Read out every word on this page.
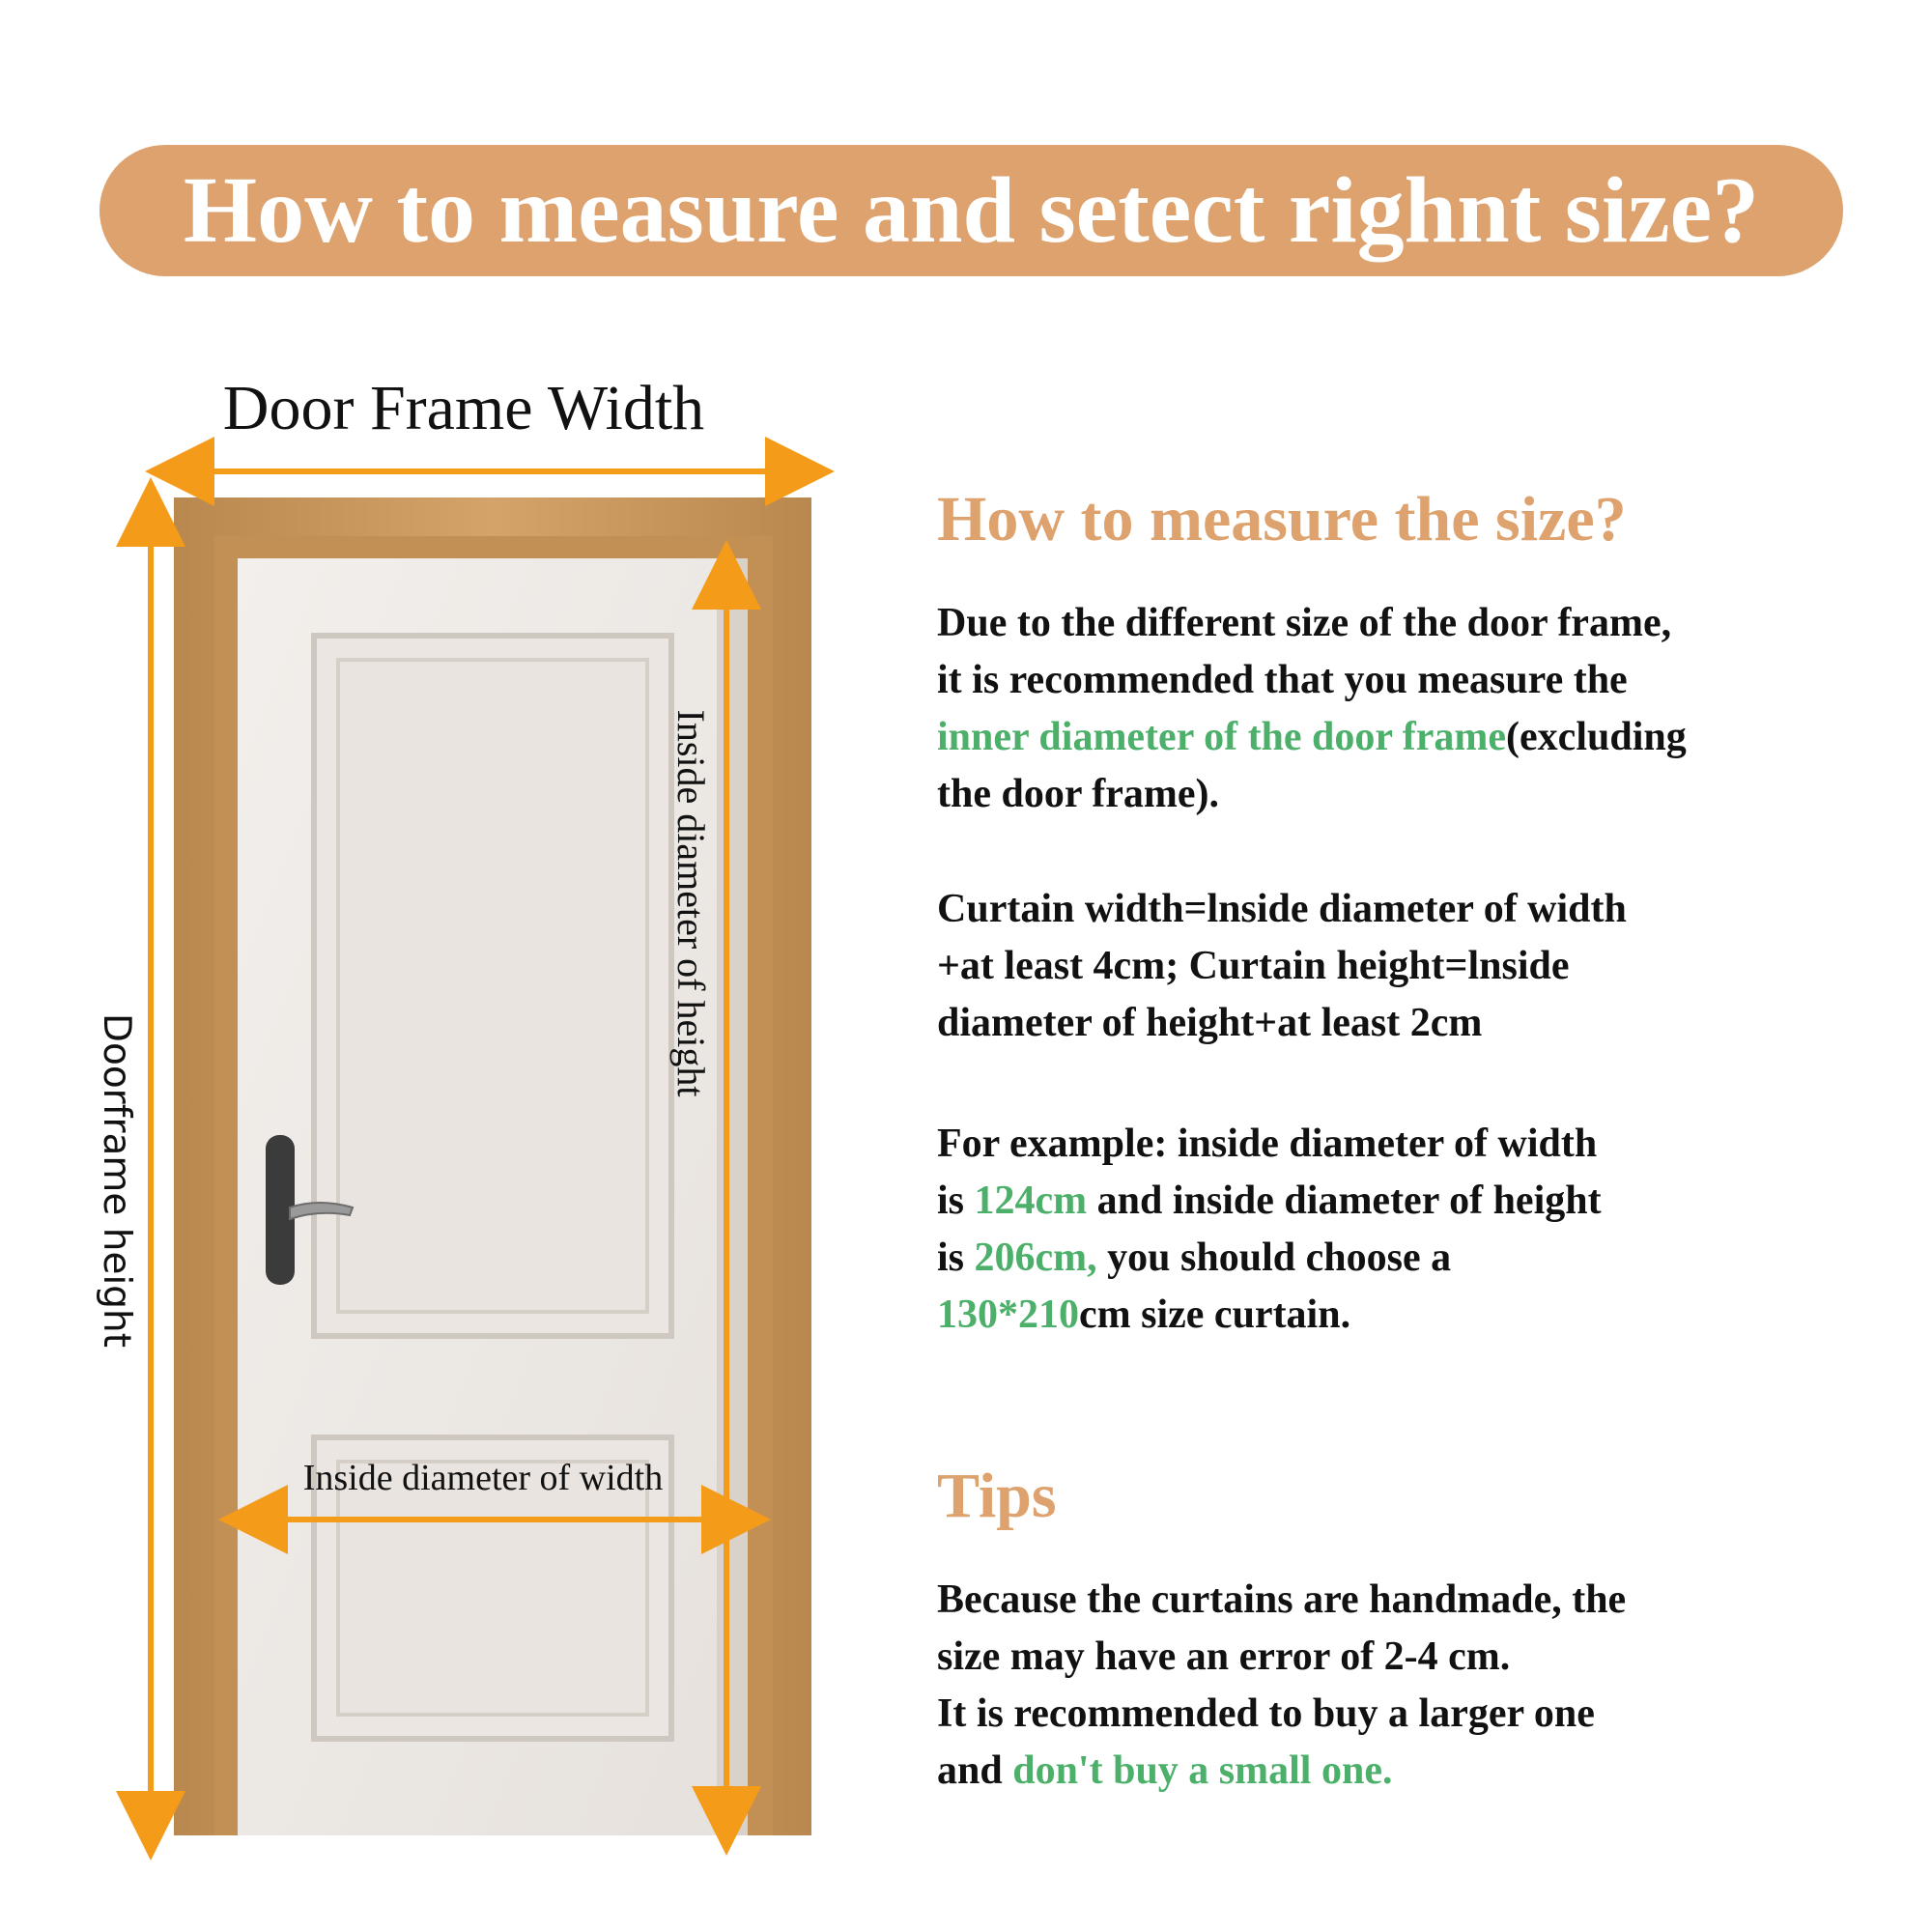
How to measure and setect righnt size?
Door Frame Width
Doorframe height
Inside diameter of height
Inside diameter of width

How to measure the size?

Due to the different size of the door frame,
it is recommended that you measure the
inner diameter of the door frame(excluding
the door frame).

Curtain width=lnside diameter of width
+at least 4cm; Curtain height=lnside
diameter of height+at least 2cm

For example: inside diameter of width
is 124cm and inside diameter of height
is 206cm, you should choose a
130*210cm size curtain.

Tips

Because the curtains are handmade, the
size may have an error of 2-4 cm.
It is recommended to buy a larger one
and don't buy a small one.
